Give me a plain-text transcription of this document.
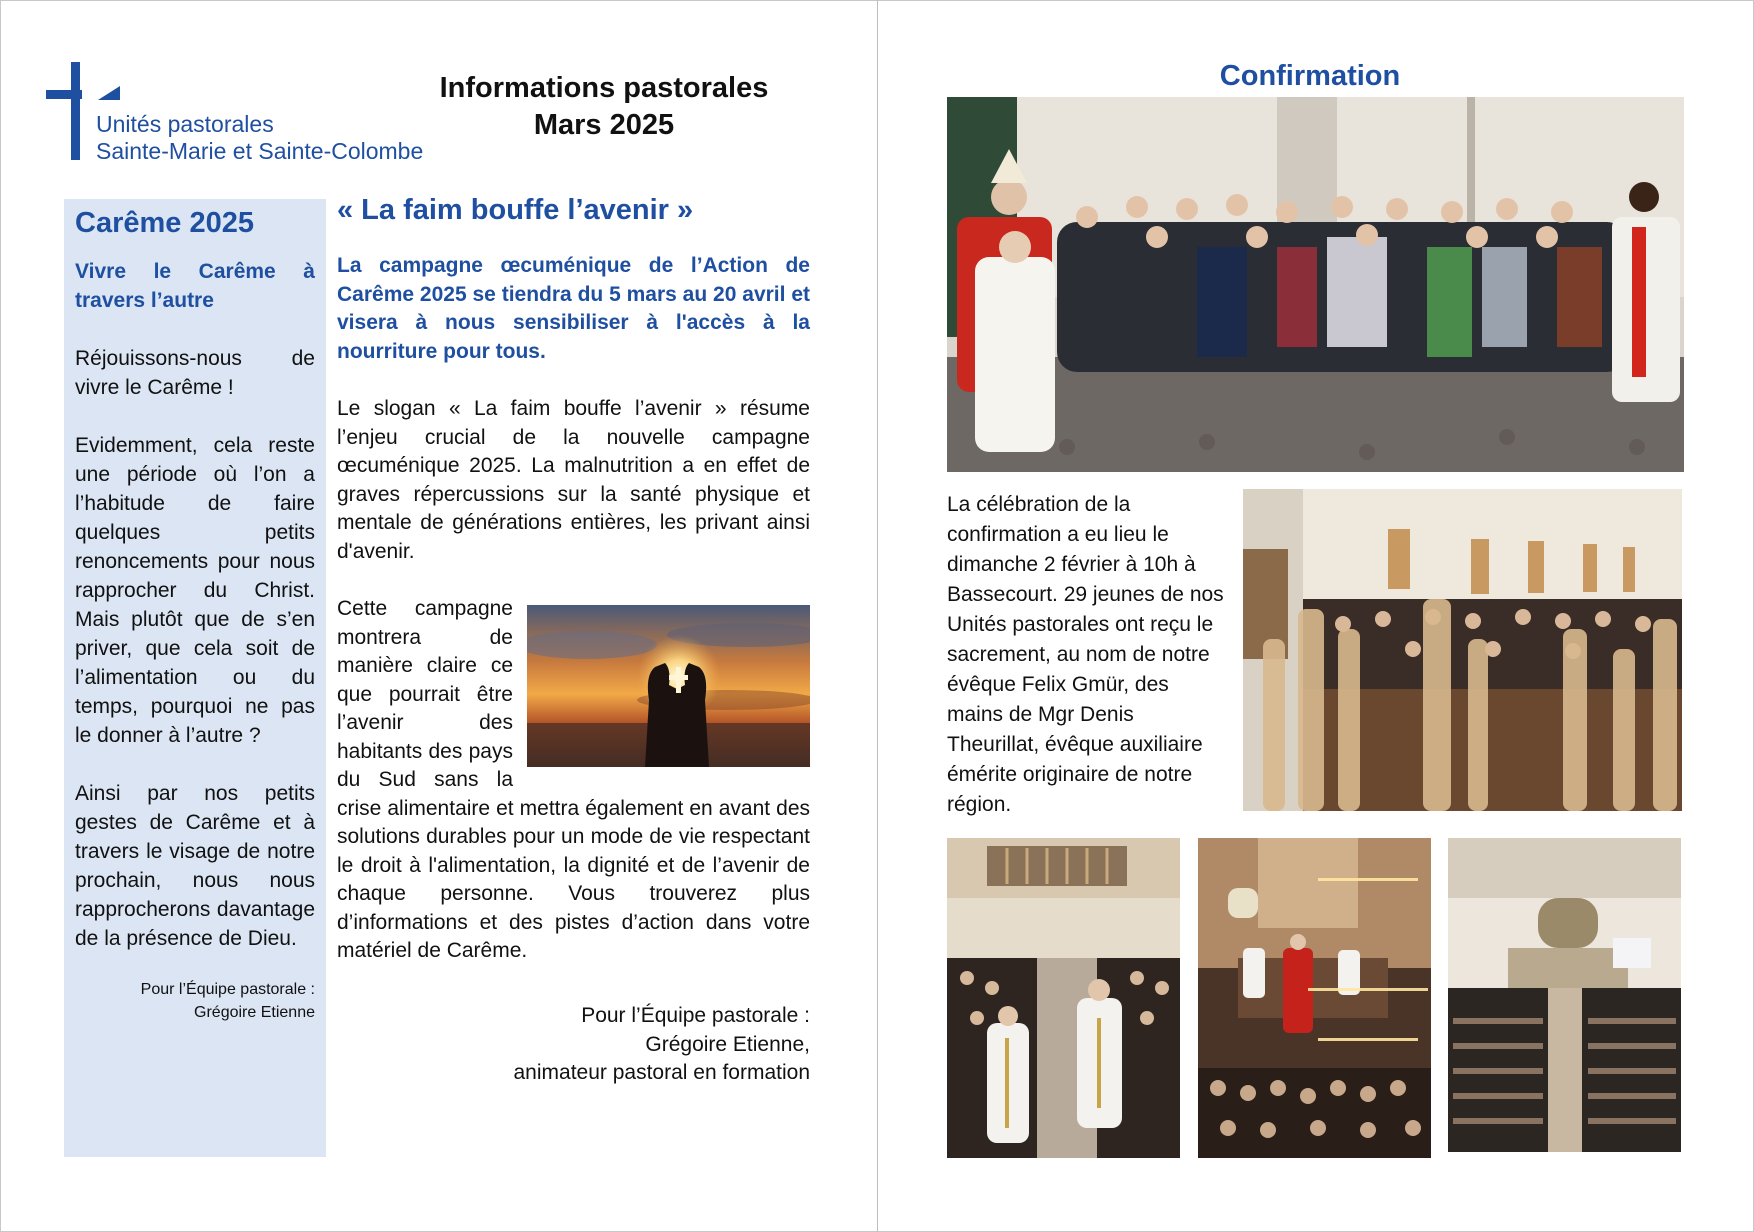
Unités pastorales
Sainte-Marie et Sainte-Colombe
Informations pastorales
Mars 2025
Carême 2025

Vivre le Carême à travers l’autre

Réjouissons-nous de vivre le Carême !

Evidemment, cela reste une période où l’on a l’habitude de faire quelques petits renoncements pour nous rapprocher du Christ. Mais plutôt que de s’en priver, que cela soit de l’alimentation ou du temps, pourquoi ne pas le donner à l’autre ?

Ainsi par nos petits gestes de Carême et à travers le visage de notre prochain, nous nous rapprocherons davantage de la présence de Dieu.

Pour l’Équipe pastorale :
Grégoire Etienne
« La faim bouffe l’avenir »

La campagne œcuménique de l’Action de Carême 2025 se tiendra du 5 mars au 20 avril et visera à nous sensibiliser à l'accès à la nourriture pour tous.

Le slogan « La faim bouffe l’avenir » résume l’enjeu crucial de la nouvelle campagne œcuménique 2025. La malnutrition a en effet de graves répercussions sur la santé physique et mentale de générations entières, les privant ainsi d'avenir.

Cette campagne montrera de manière claire ce que pourrait être l’avenir des habitants des pays du Sud sans la crise alimentaire et mettra également en avant des solutions durables pour un mode de vie respectant le droit à l'alimentation, la dignité et de l’avenir de chaque personne. Vous trouverez plus d’informations et des pistes d’action dans votre matériel de Carême.

Pour l’Équipe pastorale :
Grégoire Etienne,
animateur pastoral en formation
Confirmation
La célébration de la confirmation a eu lieu le dimanche 2 février à 10h à Bassecourt. 29 jeunes de nos Unités pastorales ont reçu le sacrement, au nom de notre évêque Felix Gmür, des mains de Mgr Denis Theurillat, évêque auxiliaire émérite originaire de notre région.
